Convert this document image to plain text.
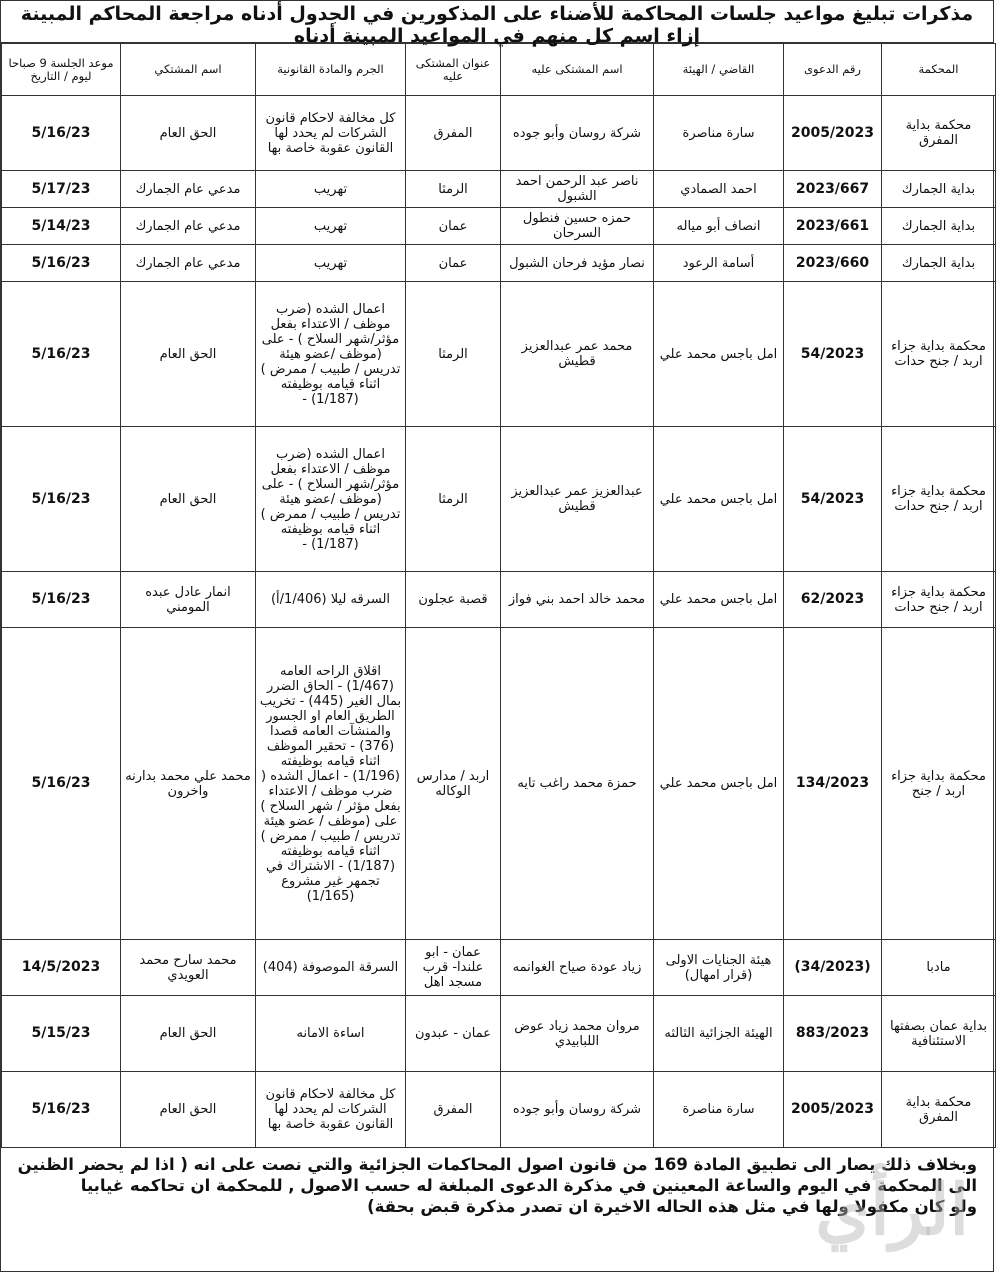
مذكرات تبليغ مواعيد جلسات المحاكمة للأضناء على المذكورين في الجدول أدناه مراجعة المحاكم المبينة إزاء اسم كل منهم في المواعيد المبينة أدناه
المحكمة	رقم الدعوى	القاضي / الهيئة	اسم المشتكى عليه	عنوان المشتكى عليه	الجرم والمادة القانونية	اسم المشتكي	موعد الجلسة 9 صباحا ليوم / التاريخ
محكمة بداية المفرق	2005/2023	سارة مناصرة	شركة روسان وأبو جوده	المفرق	كل مخالفة لاحكام قانون الشركات لم يحدد لها القانون عقوبة خاصة بها	الحق العام	5/16/23
بداية الجمارك	2023/667	احمد الصمادي	ناصر عبد الرحمن احمد الشبول	الرمثا	تهريب	مدعي عام الجمارك	5/17/23
بداية الجمارك	2023/661	انصاف أبو مياله	حمزه حسين فنطول السرحان	عمان	تهريب	مدعي عام الجمارك	5/14/23
بداية الجمارك	2023/660	أسامة الرعود	نصار مؤيد فرحان الشبول	عمان	تهريب	مدعي عام الجمارك	5/16/23
محكمة بداية جزاء اربد / جنح حدات	54/2023	امل باجس محمد علي	محمد عمر عبدالعزيز قطيش	الرمثا	اعمال الشده (ضرب موظف / الاعتداء بفعل مؤثر/شهر السلاح ) - على (موظف /عضو هيئة تدريس / طبيب / ممرض ) اثناء قيامه بوظيفته (1/187) -	الحق العام	5/16/23
محكمة بداية جزاء اربد / جنح حدات	54/2023	امل باجس محمد علي	عبدالعزيز عمر عبدالعزيز قطيش	الرمثا	اعمال الشده (ضرب موظف / الاعتداء بفعل مؤثر/شهر السلاح ) - على (موظف /عضو هيئة تدريس / طبيب / ممرض ) اثناء قيامه بوظيفته (1/187) -	الحق العام	5/16/23
محكمة بداية جزاء اربد / جنح حدات	62/2023	امل باجس محمد علي	محمد خالد احمد بني فواز	قصبة عجلون	السرقه ليلا (1/406/أ)	انمار عادل عبده المومني	5/16/23
محكمة بداية جزاء اربد / جنح	134/2023	امل باجس محمد علي	حمزة محمد راغب تايه	اربد / مدارس الوكاله	اقلاق الراحه العامه (1/467) - الحاق الضرر بمال الغير (445) - تخريب الطريق العام او الجسور والمنشآت العامه قصدا (376) - تحقير الموظف اثناء قيامه بوظيفته (1/196) - اعمال الشده ( ضرب موظف / الاعتداء بفعل مؤثر / شهر السلاح ) على (موظف / عضو هيئة تدريس / طبيب / ممرض ) اثناء قيامه بوظيفته (1/187) - الاشتراك في تجمهر غير مشروع (1/165)	محمد علي محمد بدارنه واخرون	5/16/23
مادبا	(34/2023)	هيئة الجنايات الاولى (قرار امهال)	زياد عودة صياح الغوانمه	عمان - ابو علندا- قرب مسجد اهل	السرقة الموصوفة (404)	محمد سارح محمد العويدي	14/5/2023
بداية عمان بصفتها الاستئنافية	883/2023	الهيئة الجزائية الثالثه	مروان محمد زياد عوض اللبابيدي	عمان - عبدون	اساءة الامانه	الحق العام	5/15/23
محكمة بداية المفرق	2005/2023	سارة مناصرة	شركة روسان وأبو جوده	المفرق	كل مخالفة لاحكام قانون الشركات لم يحدد لها القانون عقوبة خاصة بها	الحق العام	5/16/23

وبخلاف ذلك يصار الى تطبيق المادة 169 من قانون اصول المحاكمات الجزائية والتي نصت على انه ( اذا لم يحضر الظنين

الى المحكمة في اليوم والساعة المعينين في مذكرة الدعوى المبلغة له حسب الاصول , للمحكمة ان تحاكمه غيابيا

ولو كان مكفولا ولها في مثل هذه الحاله الاخيرة ان تصدر مذكرة قبض بحقة)

الرأي
